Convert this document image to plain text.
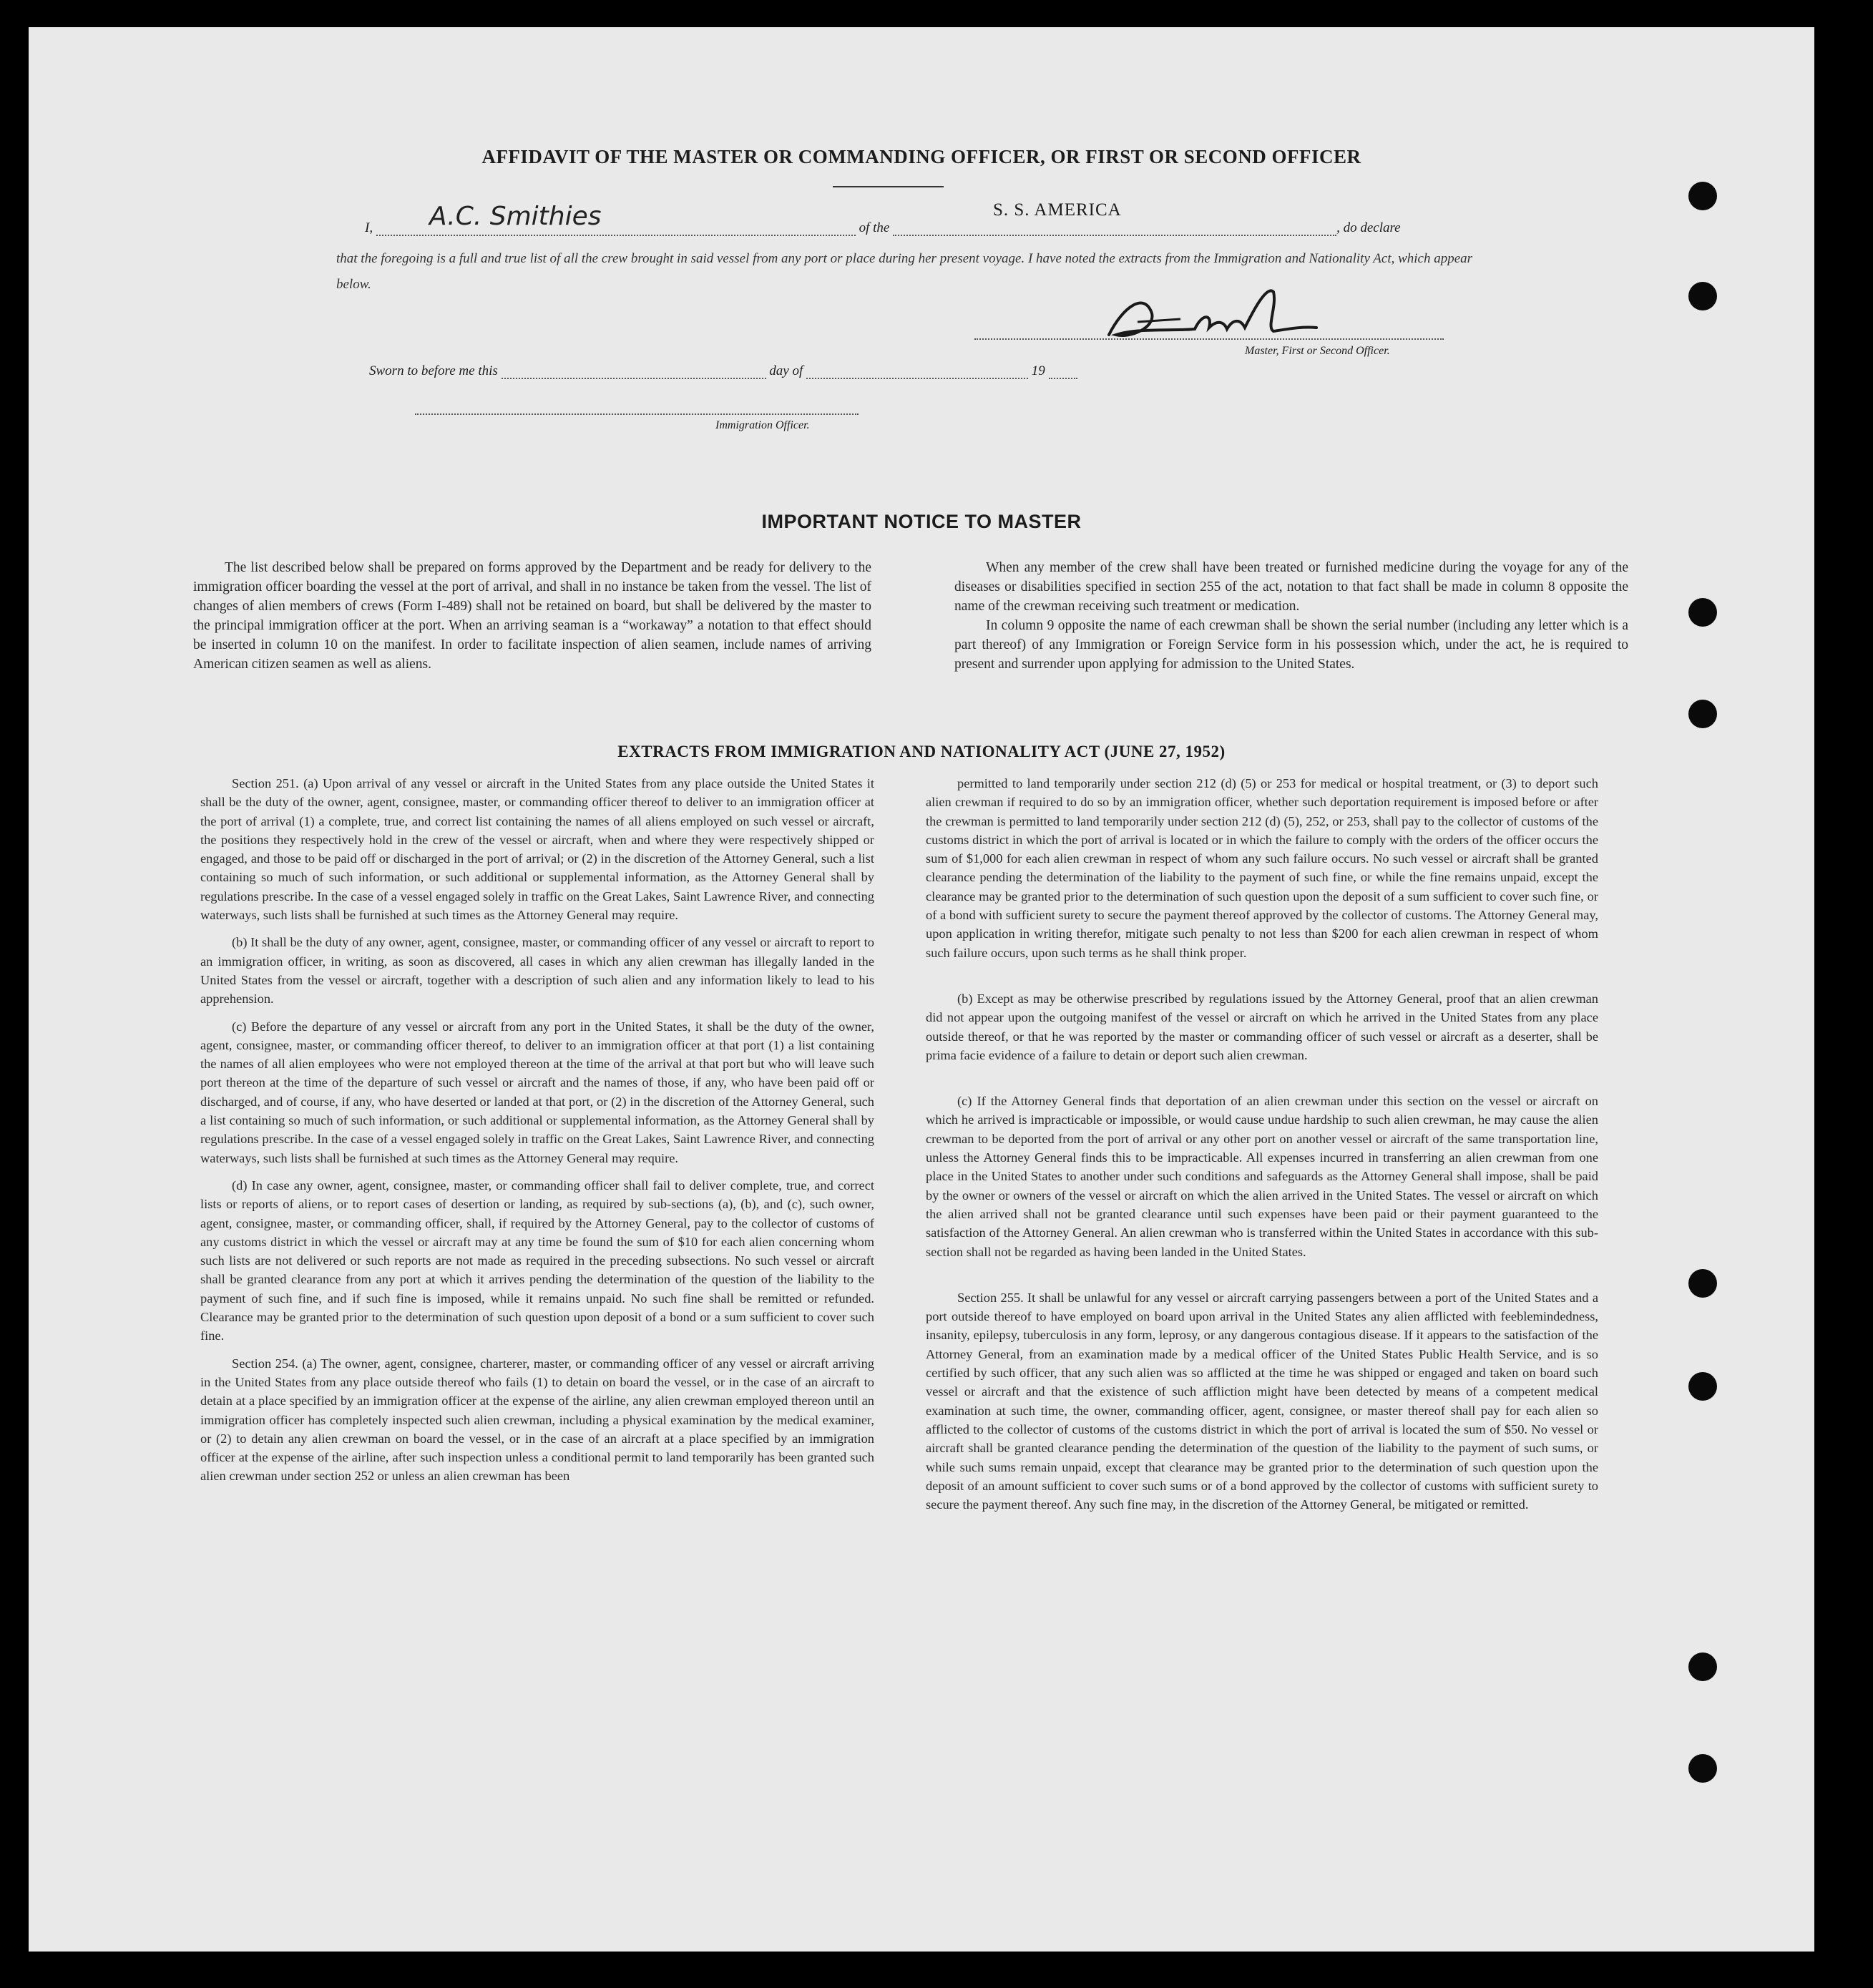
AFFIDAVIT OF THE MASTER OR COMMANDING OFFICER, OR FIRST OR SECOND OFFICER
S. S. AMERICA
I,	of the	, do declare
A.C. Smithies
that the foregoing is a full and true list of all the crew brought in said vessel from any port or place during her present voyage. I have noted the extracts from the Immigration and Nationality Act, which appear below.
Master, First or Second Officer.
Sworn to before me this	day of	19
Immigration Officer.
IMPORTANT NOTICE TO MASTER

The list described below shall be prepared on forms approved by the Department and be ready for delivery to the immigration officer boarding the vessel at the port of arrival, and shall in no instance be taken from the vessel. The list of changes of alien members of crews (Form I-489) shall not be retained on board, but shall be delivered by the master to the principal immigration officer at the port. When an arriving seaman is a “workaway” a notation to that effect should be inserted in column 10 on the manifest. In order to facilitate inspection of alien seamen, include names of arriving American citizen seamen as well as aliens.

When any member of the crew shall have been treated or furnished medicine during the voyage for any of the diseases or disabilities specified in section 255 of the act, notation to that fact shall be made in column 8 opposite the name of the crewman receiving such treatment or medication.

In column 9 opposite the name of each crewman shall be shown the serial number (including any letter which is a part thereof) of any Immigration or Foreign Service form in his possession which, under the act, he is required to present and surrender upon applying for admission to the United States.

EXTRACTS FROM IMMIGRATION AND NATIONALITY ACT (JUNE 27, 1952)

Section 251. (a) Upon arrival of any vessel or aircraft in the United States from any place outside the United States it shall be the duty of the owner, agent, consignee, master, or commanding officer thereof to deliver to an immigration officer at the port of arrival (1) a complete, true, and correct list containing the names of all aliens employed on such vessel or aircraft, the positions they respectively hold in the crew of the vessel or aircraft, when and where they were respectively shipped or engaged, and those to be paid off or discharged in the port of arrival; or (2) in the discretion of the Attorney General, such a list containing so much of such information, or such additional or supplemental information, as the Attorney General shall by regulations prescribe. In the case of a vessel engaged solely in traffic on the Great Lakes, Saint Lawrence River, and connecting waterways, such lists shall be furnished at such times as the Attorney General may require.

(b) It shall be the duty of any owner, agent, consignee, master, or commanding officer of any vessel or aircraft to report to an immigration officer, in writing, as soon as discovered, all cases in which any alien crewman has illegally landed in the United States from the vessel or aircraft, together with a description of such alien and any information likely to lead to his apprehension.

(c) Before the departure of any vessel or aircraft from any port in the United States, it shall be the duty of the owner, agent, consignee, master, or commanding officer thereof, to deliver to an immigration officer at that port (1) a list containing the names of all alien employees who were not employed thereon at the time of the arrival at that port but who will leave such port thereon at the time of the departure of such vessel or aircraft and the names of those, if any, who have been paid off or discharged, and of course, if any, who have deserted or landed at that port, or (2) in the discretion of the Attorney General, such a list containing so much of such information, or such additional or supplemental information, as the Attorney General shall by regulations prescribe. In the case of a vessel engaged solely in traffic on the Great Lakes, Saint Lawrence River, and connecting waterways, such lists shall be furnished at such times as the Attorney General may require.

(d) In case any owner, agent, consignee, master, or commanding officer shall fail to deliver complete, true, and correct lists or reports of aliens, or to report cases of desertion or landing, as required by sub-sections (a), (b), and (c), such owner, agent, consignee, master, or commanding officer, shall, if required by the Attorney General, pay to the collector of customs of any customs district in which the vessel or aircraft may at any time be found the sum of $10 for each alien concerning whom such lists are not delivered or such reports are not made as required in the preceding subsections. No such vessel or aircraft shall be granted clearance from any port at which it arrives pending the determination of the question of the liability to the payment of such fine, and if such fine is imposed, while it remains unpaid. No such fine shall be remitted or refunded. Clearance may be granted prior to the determination of such question upon deposit of a bond or a sum sufficient to cover such fine.

Section 254. (a) The owner, agent, consignee, charterer, master, or commanding officer of any vessel or aircraft arriving in the United States from any place outside thereof who fails (1) to detain on board the vessel, or in the case of an aircraft to detain at a place specified by an immigration officer at the expense of the airline, any alien crewman employed thereon until an immigration officer has completely inspected such alien crewman, including a physical examination by the medical examiner, or (2) to detain any alien crewman on board the vessel, or in the case of an aircraft at a place specified by an immigration officer at the expense of the airline, after such inspection unless a conditional permit to land temporarily has been granted such alien crewman under section 252 or unless an alien crewman has been

permitted to land temporarily under section 212 (d) (5) or 253 for medical or hospital treatment, or (3) to deport such alien crewman if required to do so by an immigration officer, whether such deportation requirement is imposed before or after the crewman is permitted to land temporarily under section 212 (d) (5), 252, or 253, shall pay to the collector of customs of the customs district in which the port of arrival is located or in which the failure to comply with the orders of the officer occurs the sum of $1,000 for each alien crewman in respect of whom any such failure occurs. No such vessel or aircraft shall be granted clearance pending the determination of the liability to the payment of such fine, or while the fine remains unpaid, except the clearance may be granted prior to the determination of such question upon the deposit of a sum sufficient to cover such fine, or of a bond with sufficient surety to secure the payment thereof approved by the collector of customs. The Attorney General may, upon application in writing therefor, mitigate such penalty to not less than $200 for each alien crewman in respect of whom such failure occurs, upon such terms as he shall think proper.

(b) Except as may be otherwise prescribed by regulations issued by the Attorney General, proof that an alien crewman did not appear upon the outgoing manifest of the vessel or aircraft on which he arrived in the United States from any place outside thereof, or that he was reported by the master or commanding officer of such vessel or aircraft as a deserter, shall be prima facie evidence of a failure to detain or deport such alien crewman.

(c) If the Attorney General finds that deportation of an alien crewman under this section on the vessel or aircraft on which he arrived is impracticable or impossible, or would cause undue hardship to such alien crewman, he may cause the alien crewman to be deported from the port of arrival or any other port on another vessel or aircraft of the same transportation line, unless the Attorney General finds this to be impracticable. All expenses incurred in transferring an alien crewman from one place in the United States to another under such conditions and safeguards as the Attorney General shall impose, shall be paid by the owner or owners of the vessel or aircraft on which the alien arrived in the United States. The vessel or aircraft on which the alien arrived shall not be granted clearance until such expenses have been paid or their payment guaranteed to the satisfaction of the Attorney General. An alien crewman who is transferred within the United States in accordance with this sub-section shall not be regarded as having been landed in the United States.

Section 255. It shall be unlawful for any vessel or aircraft carrying passengers between a port of the United States and a port outside thereof to have employed on board upon arrival in the United States any alien afflicted with feeblemindedness, insanity, epilepsy, tuberculosis in any form, leprosy, or any dangerous contagious disease. If it appears to the satisfaction of the Attorney General, from an examination made by a medical officer of the United States Public Health Service, and is so certified by such officer, that any such alien was so afflicted at the time he was shipped or engaged and taken on board such vessel or aircraft and that the existence of such affliction might have been detected by means of a competent medical examination at such time, the owner, commanding officer, agent, consignee, or master thereof shall pay for each alien so afflicted to the collector of customs of the customs district in which the port of arrival is located the sum of $50. No vessel or aircraft shall be granted clearance pending the determination of the question of the liability to the payment of such sums, or while such sums remain unpaid, except that clearance may be granted prior to the determination of such question upon the deposit of an amount sufficient to cover such sums or of a bond approved by the collector of customs with sufficient surety to secure the payment thereof. Any such fine may, in the discretion of the Attorney General, be mitigated or remitted.
